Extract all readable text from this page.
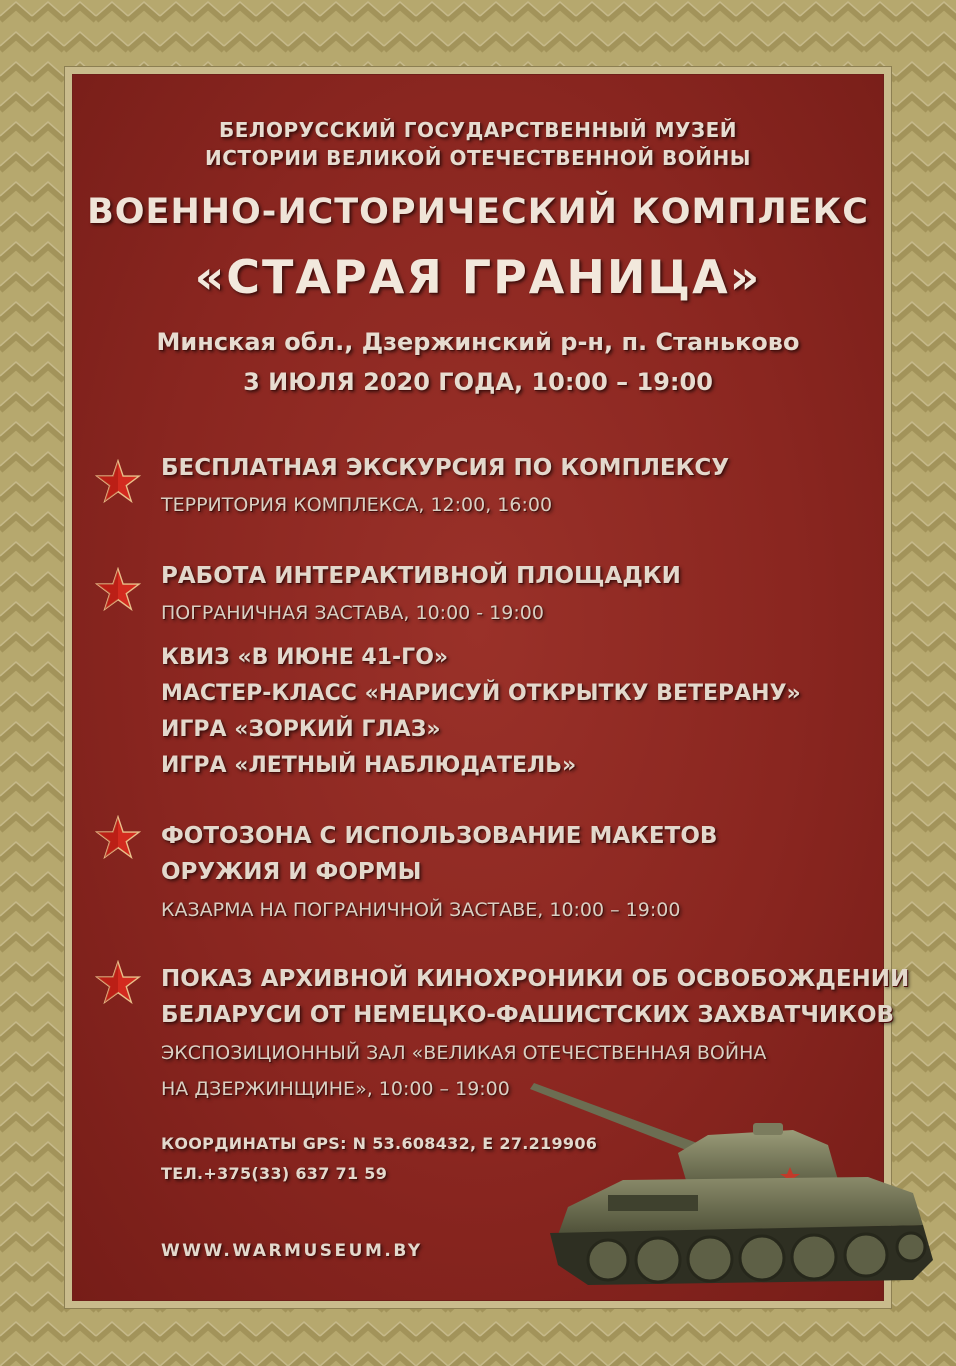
БЕЛОРУССКИЙ ГОСУДАРСТВЕННЫЙ МУЗЕЙ
ИСТОРИИ ВЕЛИКОЙ ОТЕЧЕСТВЕННОЙ ВОЙНЫ
ВОЕННО-ИСТОРИЧЕСКИЙ КОМПЛЕКС
«СТАРАЯ ГРАНИЦА»
Минская обл., Дзержинский р-н, п. Станьково
3 ИЮЛЯ 2020 ГОДА, 10:00 – 19:00
БЕСПЛАТНАЯ ЭКСКУРСИЯ ПО КОМПЛЕКСУ
ТЕРРИТОРИЯ КОМПЛЕКСА, 12:00, 16:00
РАБОТА ИНТЕРАКТИВНОЙ ПЛОЩАДКИ
ПОГРАНИЧНАЯ ЗАСТАВА, 10:00 - 19:00
КВИЗ «В ИЮНЕ 41-ГО»
МАСТЕР-КЛАСС «НАРИСУЙ ОТКРЫТКУ ВЕТЕРАНУ»
ИГРА «ЗОРКИЙ ГЛАЗ»
ИГРА «ЛЕТНЫЙ НАБЛЮДАТЕЛЬ»
ФОТОЗОНА С ИСПОЛЬЗОВАНИЕ МАКЕТОВ
ОРУЖИЯ И ФОРМЫ
КАЗАРМА НА ПОГРАНИЧНОЙ ЗАСТАВЕ, 10:00 – 19:00
ПОКАЗ АРХИВНОЙ КИНОХРОНИКИ ОБ ОСВОБОЖДЕНИИ
БЕЛАРУСИ ОТ НЕМЕЦКО-ФАШИСТСКИХ ЗАХВАТЧИКОВ
ЭКСПОЗИЦИОННЫЙ ЗАЛ «ВЕЛИКАЯ ОТЕЧЕСТВЕННАЯ ВОЙНА
НА ДЗЕРЖИНЩИНЕ», 10:00 – 19:00
КООРДИНАТЫ GPS: N 53.608432, E 27.219906
ТЕЛ.+375(33) 637 71 59
WWW.WARMUSEUM.BY
